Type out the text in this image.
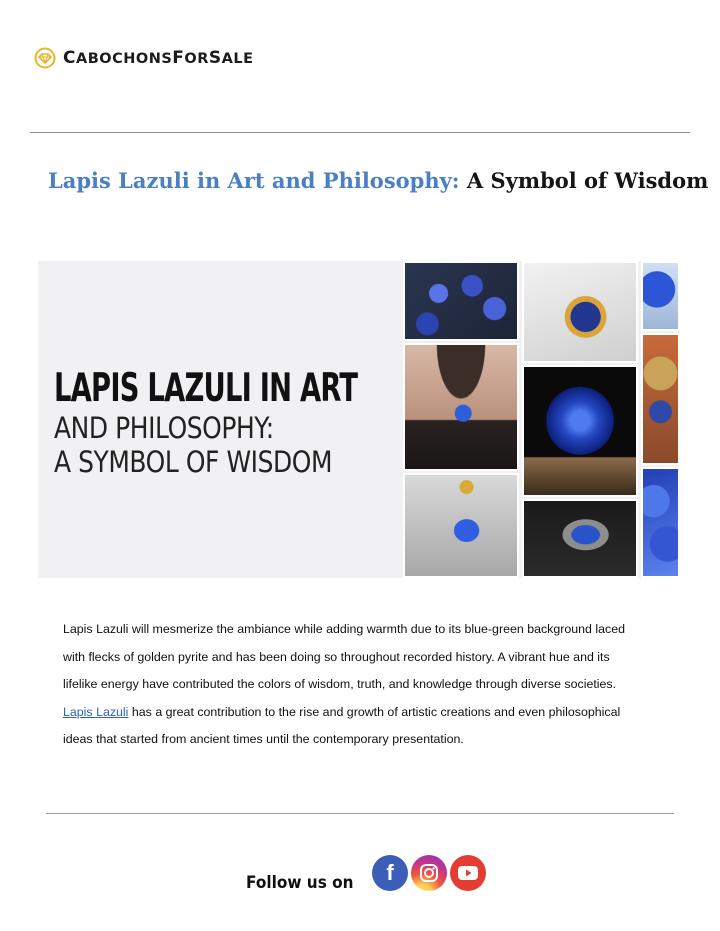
CABOCHONSFORSALE
Lapis Lazuli in Art and Philosophy: A Symbol of Wisdom
LAPIS LAZULI IN ART
AND PHILOSOPHY:
A SYMBOL OF WISDOM
Lapis Lazuli will mesmerize the ambiance while adding warmth due to its blue-green background laced
with flecks of golden pyrite and has been doing so throughout recorded history. A vibrant hue and its
lifelike energy have contributed the colors of wisdom, truth, and knowledge through diverse societies.
Lapis Lazuli has a great contribution to the rise and growth of artistic creations and even philosophical
ideas that started from ancient times until the contemporary presentation.
Follow us on f
